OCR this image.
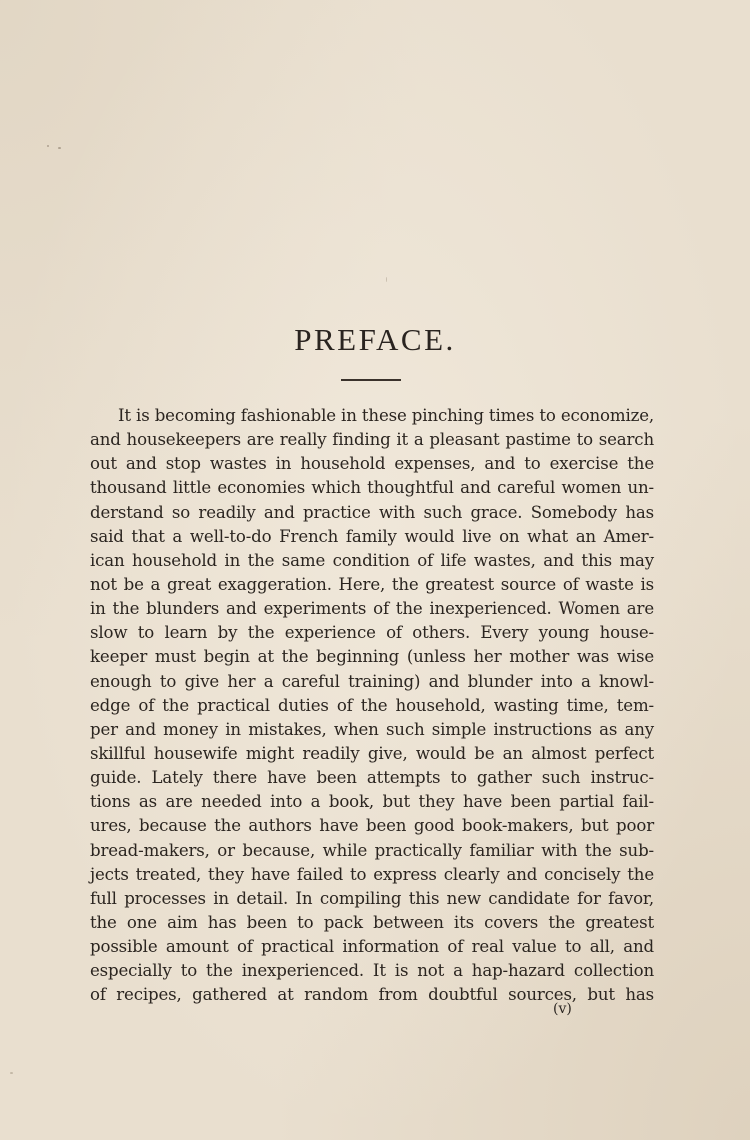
PREFACE.
It is becoming fashionable in these pinching times to economize,
and housekeepers are really finding it a pleasant pastime to search
out and stop wastes in household expenses, and to exercise the
thousand little economies which thoughtful and careful women un-
derstand so readily and practice with such grace. Somebody has
said that a well-to-do French family would live on what an Amer-
ican household in the same condition of life wastes, and this may
not be a great exaggeration. Here, the greatest source of waste is
in the blunders and experiments of the inexperienced. Women are
slow to learn by the experience of others. Every young house-
keeper must begin at the beginning (unless her mother was wise
enough to give her a careful training) and blunder into a knowl-
edge of the practical duties of the household, wasting time, tem-
per and money in mistakes, when such simple instructions as any
skillful housewife might readily give, would be an almost perfect
guide. Lately there have been attempts to gather such instruc-
tions as are needed into a book, but they have been partial fail-
ures, because the authors have been good book-makers, but poor
bread-makers, or because, while practically familiar with the sub-
jects treated, they have failed to express clearly and concisely the
full processes in detail. In compiling this new candidate for favor,
the one aim has been to pack between its covers the greatest
possible amount of practical information of real value to all, and
especially to the inexperienced. It is not a hap-hazard collection
of recipes, gathered at random from doubtful sources, but has
(v)
